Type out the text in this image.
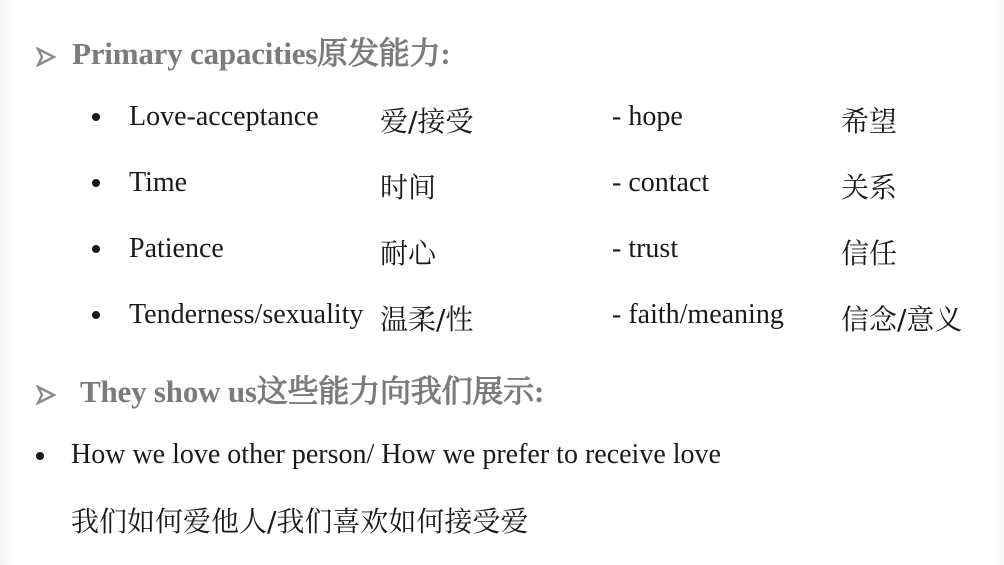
Primary capacities原发能力:
Love-acceptance 爱/接受	- hope	希望
Time	时间	- contact	关系
Patience	耐心	- trust	信任
Tenderness/sexuality 温柔/性	- faith/meaning 信念/意义
They show us这些能力向我们展示:
How we love other person/ How we prefer to receive love
我们如何爱他人/我们喜欢如何接受爱
